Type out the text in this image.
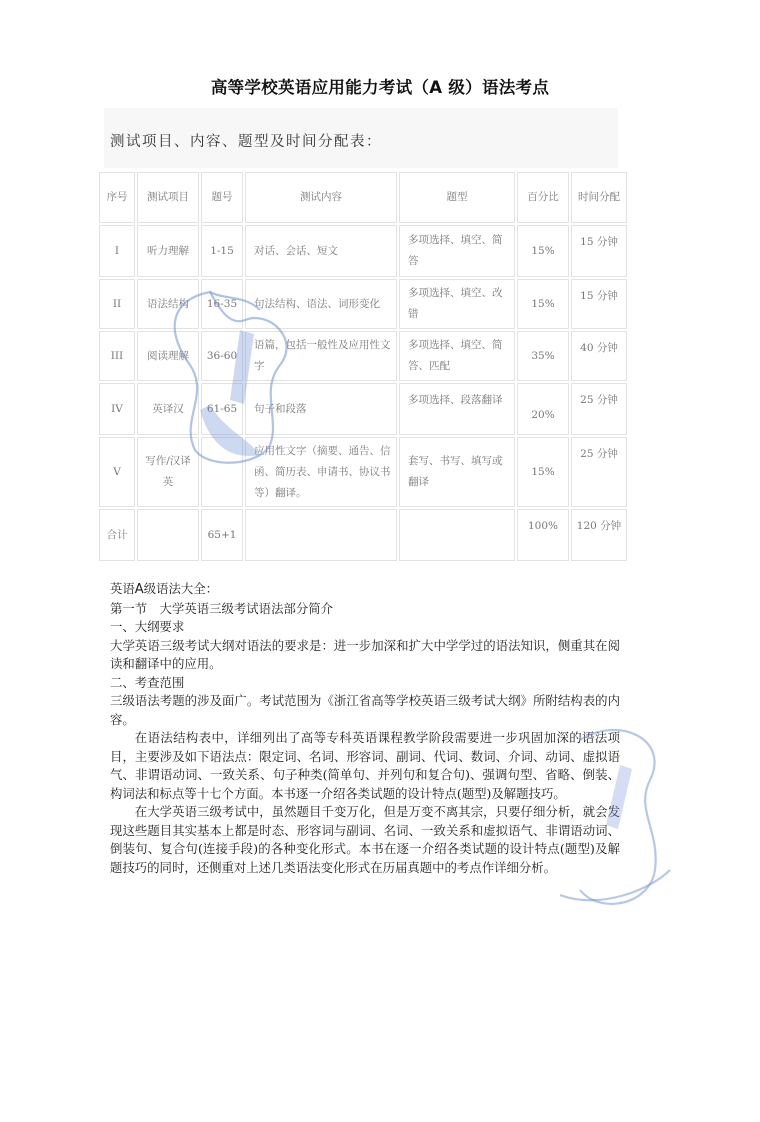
高等学校英语应用能力考试（A 级）语法考点
测试项目、内容、题型及时间分配表：
序号	测试项目	题号	测试内容	题型	百分比	时间分配
I	听力理解	1-15	对话、会话、短文	多项选择、填空、简答	15%	15 分钟
II	语法结构	16-35	句法结构、语法、词形变化	多项选择、填空、改错	15%	15 分钟
III	阅读理解	36-60	语篇，包括一般性及应用性文字	多项选择、填空、简答、匹配	35%	40 分钟
IV	英译汉	61-65	句子和段落	多项选择、段落翻译	20%	25 分钟
V	写作/汉译英		应用性文字（摘要、通告、信函、简历表、申请书、协议书等）翻译。	套写、书写、填写或翻译	15%	25 分钟
合计		65+1			100%	120 分钟

英语A级语法大全：

第一节　大学英语三级考试语法部分简介

一、大纲要求

大学英语三级考试大纲对语法的要求是：进一步加深和扩大中学学过的语法知识，侧重其在阅读和翻译中的应用。

二、考查范围

三级语法考题的涉及面广。考试范围为《浙江省高等学校英语三级考试大纲》所附结构表的内容。

在语法结构表中，详细列出了高等专科英语课程教学阶段需要进一步巩固加深的语法项目，主要涉及如下语法点：限定词、名词、形容词、副词、代词、数词、介词、动词、虚拟语气、非谓语动词、一致关系、句子种类(简单句、并列句和复合句)、强调句型、省略、倒装、构词法和标点等十七个方面。本书逐一介绍各类试题的设计特点(题型)及解题技巧。

在大学英语三级考试中，虽然题目千变万化，但是万变不离其宗，只要仔细分析，就会发现这些题目其实基本上都是时态、形容词与副词、名词、一致关系和虚拟语气、非谓语动词、倒装句、复合句(连接手段)的各种变化形式。本书在逐一介绍各类试题的设计特点(题型)及解题技巧的同时，还侧重对上述几类语法变化形式在历届真题中的考点作详细分析。
